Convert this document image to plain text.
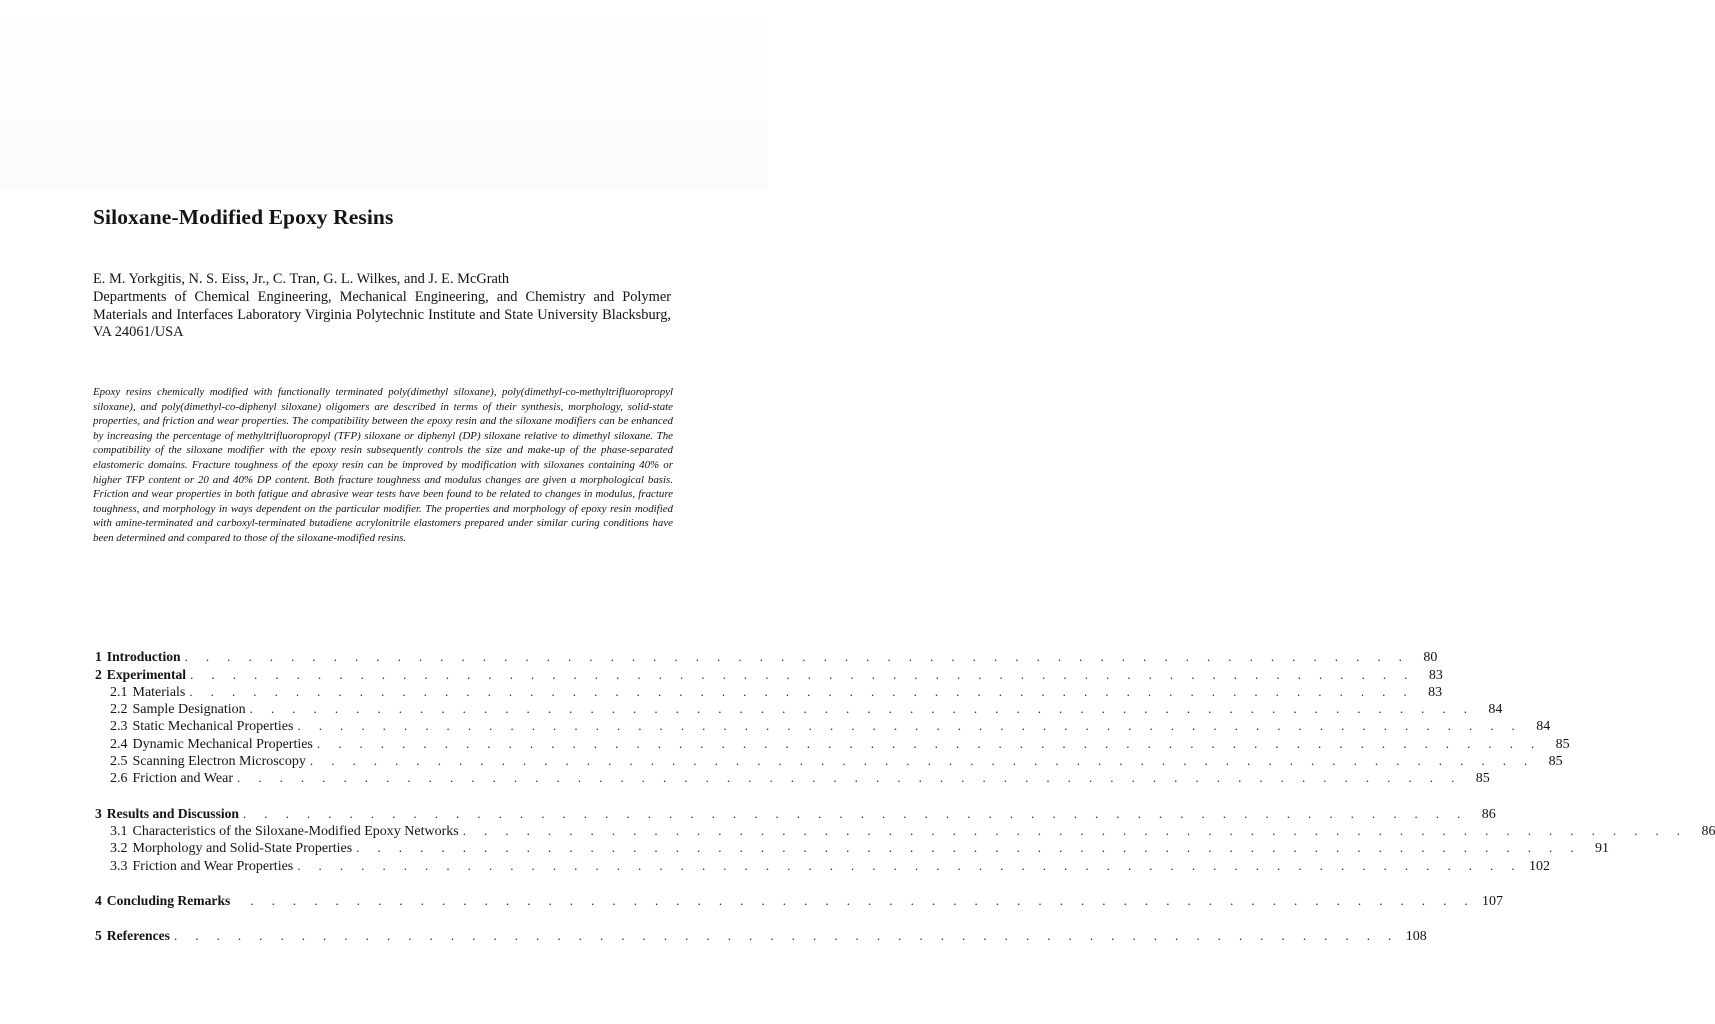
Siloxane-Modified Epoxy Resins
E. M. Yorkgitis, N. S. Eiss, Jr., C. Tran, G. L. Wilkes, and J. E. McGrath
Departments of Chemical Engineering, Mechanical Engineering, and Chemistry and Polymer Materials and Interfaces Laboratory Virginia Polytechnic Institute and State University Blacksburg, VA 24061/USA
Epoxy resins chemically modified with functionally terminated poly(dimethyl siloxane), poly(dimethyl-co-methyltrifluoropropyl siloxane), and poly(dimethyl-co-diphenyl siloxane) oligomers are described in terms of their synthesis, morphology, solid-state properties, and friction and wear properties. The compatibility between the epoxy resin and the siloxane modifiers can be enhanced by increasing the percentage of methyltrifluoropropyl (TFP) siloxane or diphenyl (DP) siloxane relative to dimethyl siloxane. The compatibility of the siloxane modifier with the epoxy resin subsequently controls the size and make-up of the phase-separated elastomeric domains. Fracture toughness of the epoxy resin can be improved by modification with siloxanes containing 40% or higher TFP content or 20 and 40% DP content. Both fracture toughness and modulus changes are given a morphological basis. Friction and wear properties in both fatigue and abrasive wear tests have been found to be related to changes in modulus, fracture toughness, and morphology in ways dependent on the particular modifier. The properties and morphology of epoxy resin modified with amine-terminated and carboxyl-terminated butadiene acrylonitrile elastomers prepared under similar curing conditions have been determined and compared to those of the siloxane-modified resins.
1 Introduction . . . . . . . . . . . . . . . . . . . . . . . . . . . . . . . . . . . . . . . . . . . . . . . . . . . . . . . . . .	80
2 Experimental . . . . . . . . . . . . . . . . . . . . . . . . . . . . . . . . . . . . . . . . . . . . . . . . . . . . . . . . . .	83
2.1 Materials . . . . . . . . . . . . . . . . . . . . . . . . . . . . . . . . . . . . . . . . . . . . . . . . . . . . . . . . . .	83
2.2 Sample Designation . . . . . . . . . . . . . . . . . . . . . . . . . . . . . . . . . . . . . . . . . . . . . . . . . . . . . . . . . .	84
2.3 Static Mechanical Properties . . . . . . . . . . . . . . . . . . . . . . . . . . . . . . . . . . . . . . . . . . . . . . . . . . . . . . . . . .	84
2.4 Dynamic Mechanical Properties . . . . . . . . . . . . . . . . . . . . . . . . . . . . . . . . . . . . . . . . . . . . . . . . . . . . . . . . . .	85
2.5 Scanning Electron Microscopy . . . . . . . . . . . . . . . . . . . . . . . . . . . . . . . . . . . . . . . . . . . . . . . . . . . . . . . . . .	85
2.6 Friction and Wear . . . . . . . . . . . . . . . . . . . . . . . . . . . . . . . . . . . . . . . . . . . . . . . . . . . . . . . . . .	85
3 Results and Discussion . . . . . . . . . . . . . . . . . . . . . . . . . . . . . . . . . . . . . . . . . . . . . . . . . . . . . . . . . .	86
3.1 Characteristics of the Siloxane-Modified Epoxy Networks . . . . . . . . . . . . . . . . . . . . . . . . . . . . . . . . . . . . . . . . . . . . . . . . . . . . . . . . . .	86
3.2 Morphology and Solid-State Properties . . . . . . . . . . . . . . . . . . . . . . . . . . . . . . . . . . . . . . . . . . . . . . . . . . . . . . . . . .	91
3.3 Friction and Wear Properties . . . . . . . . . . . . . . . . . . . . . . . . . . . . . . . . . . . . . . . . . . . . . . . . . . . . . . . . . . 102
4 Concluding Remarks . . . . . . . . . . . . . . . . . . . . . . . . . . . . . . . . . . . . . . . . . . . . . . . . . . . . . . . . . . 107
5 References . . . . . . . . . . . . . . . . . . . . . . . . . . . . . . . . . . . . . . . . . . . . . . . . . . . . . . . . . . 108
